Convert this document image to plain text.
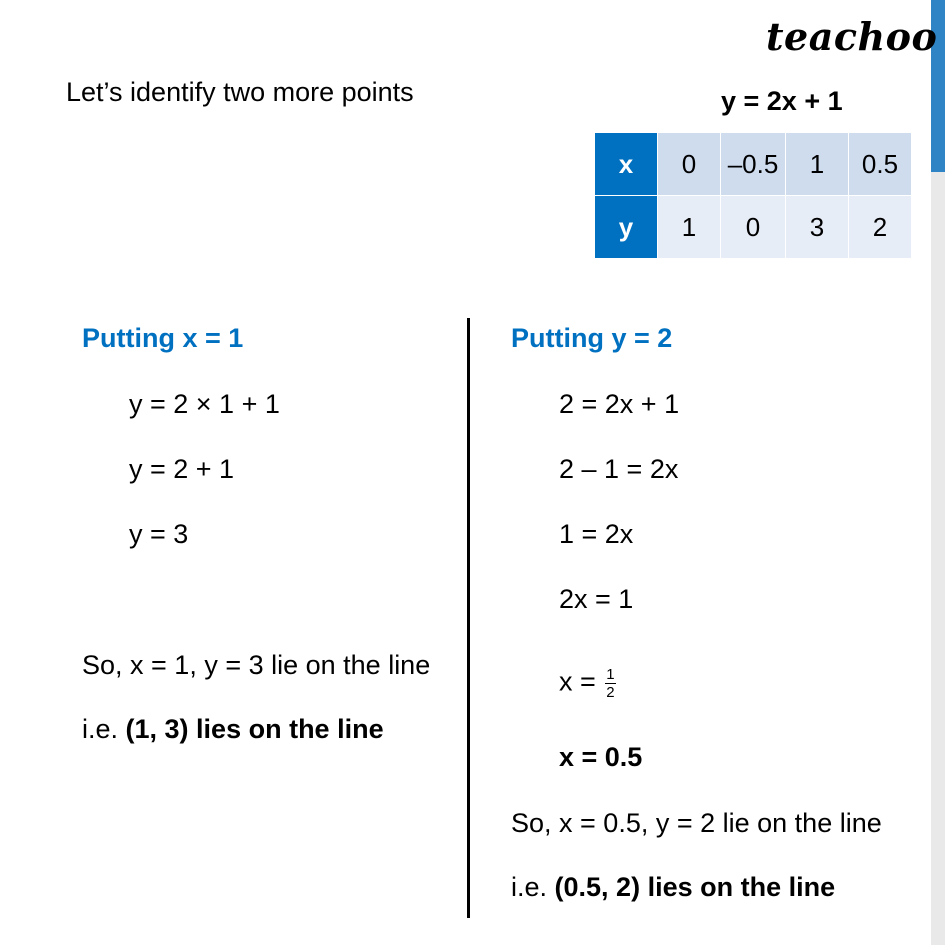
teachoo
Let’s identify two more points	y = 2x + 1
x	0	–0.5	1	0.5
y	1	0	3	2
Putting x = 1
y = 2 × 1 + 1
y = 2 + 1
y = 3
So, x = 1, y = 3 lie on the line
i.e. (1, 3) lies on the line
Putting y = 2
2 = 2x + 1
2 – 1 = 2x
1 = 2x
2x = 1
$x = \frac{1}{2}$
x = 0.5
So, x = 0.5, y = 2 lie on the line
i.e. (0.5, 2) lies on the line
